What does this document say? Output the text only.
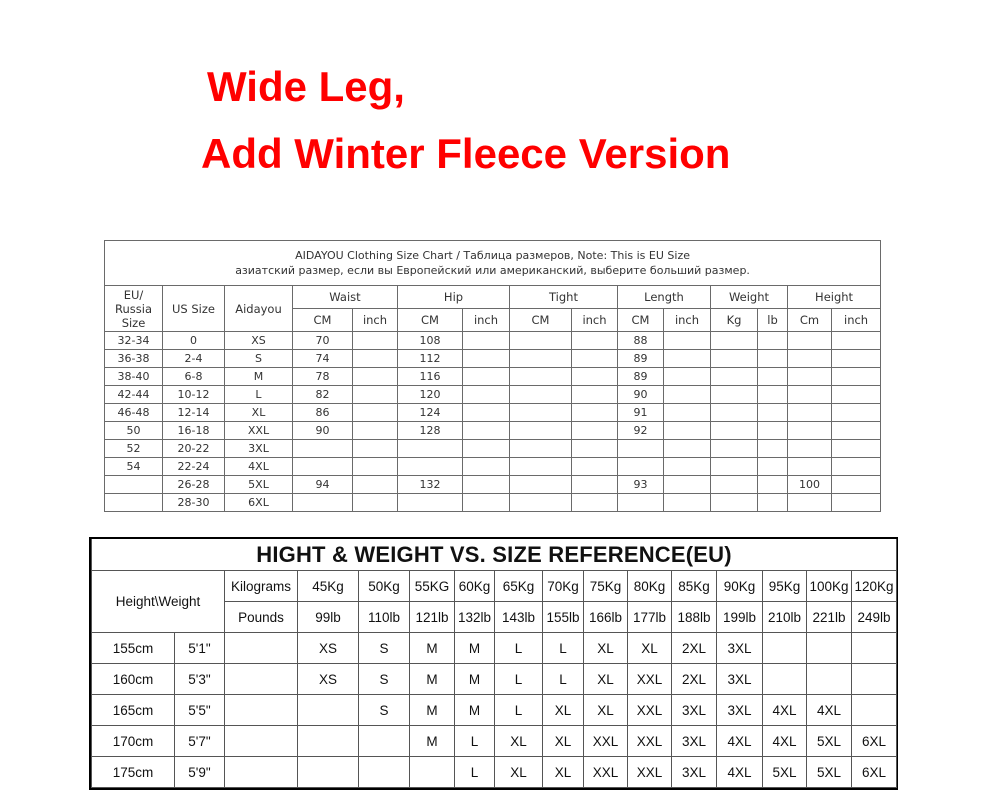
Wide Leg,
Add Winter Fleece Version
AIDAYOU Clothing Size Chart / Таблица размеров, Note: This is EU Size
азиатский размер, если вы Европейский или американский, выберите больший размер.														

EU/
Russia
Size	US Size	Aidayou	Waist		Hip		Tight		Length		Weight		Height	
			CM	inch	CM	inch	CM	inch	CM	inch	Kg	lb	Cm	inch
32-34	0	XS	70		108				88					
36-38	2-4	S	74		112				89					
38-40	6-8	M	78		116				89					
42-44	10-12	L	82		120				90					
46-48	12-14	XL	86		124				91					
50	16-18	XXL	90		128				92					
52	20-22	3XL												
54	22-24	4XL												
	26-28	5XL	94		132				93				100	
	28-30	6XL												
HIGHT & WEIGHT VS. SIZE REFERENCE(EU)															
Height\Weight		Kilograms	45Kg	50Kg	55KG	60Kg	65Kg	70Kg	75Kg	80Kg	85Kg	90Kg	95Kg	100Kg	120Kg
		Pounds	99lb	110lb	121lb	132lb	143lb	155lb	166lb	177lb	188lb	199lb	210lb	221lb	249lb
155cm	5'1"		XS	S	M	M	L	L	XL	XL	2XL	3XL			
160cm	5'3"		XS	S	M	M	L	L	XL	XXL	2XL	3XL			
165cm	5'5"			S	M	M	L	XL	XL	XXL	3XL	3XL	4XL	4XL	
170cm	5'7"				M	L	XL	XL	XXL	XXL	3XL	4XL	4XL	5XL	6XL
175cm	5'9"					L	XL	XL	XXL	XXL	3XL	4XL	5XL	5XL	6XL
